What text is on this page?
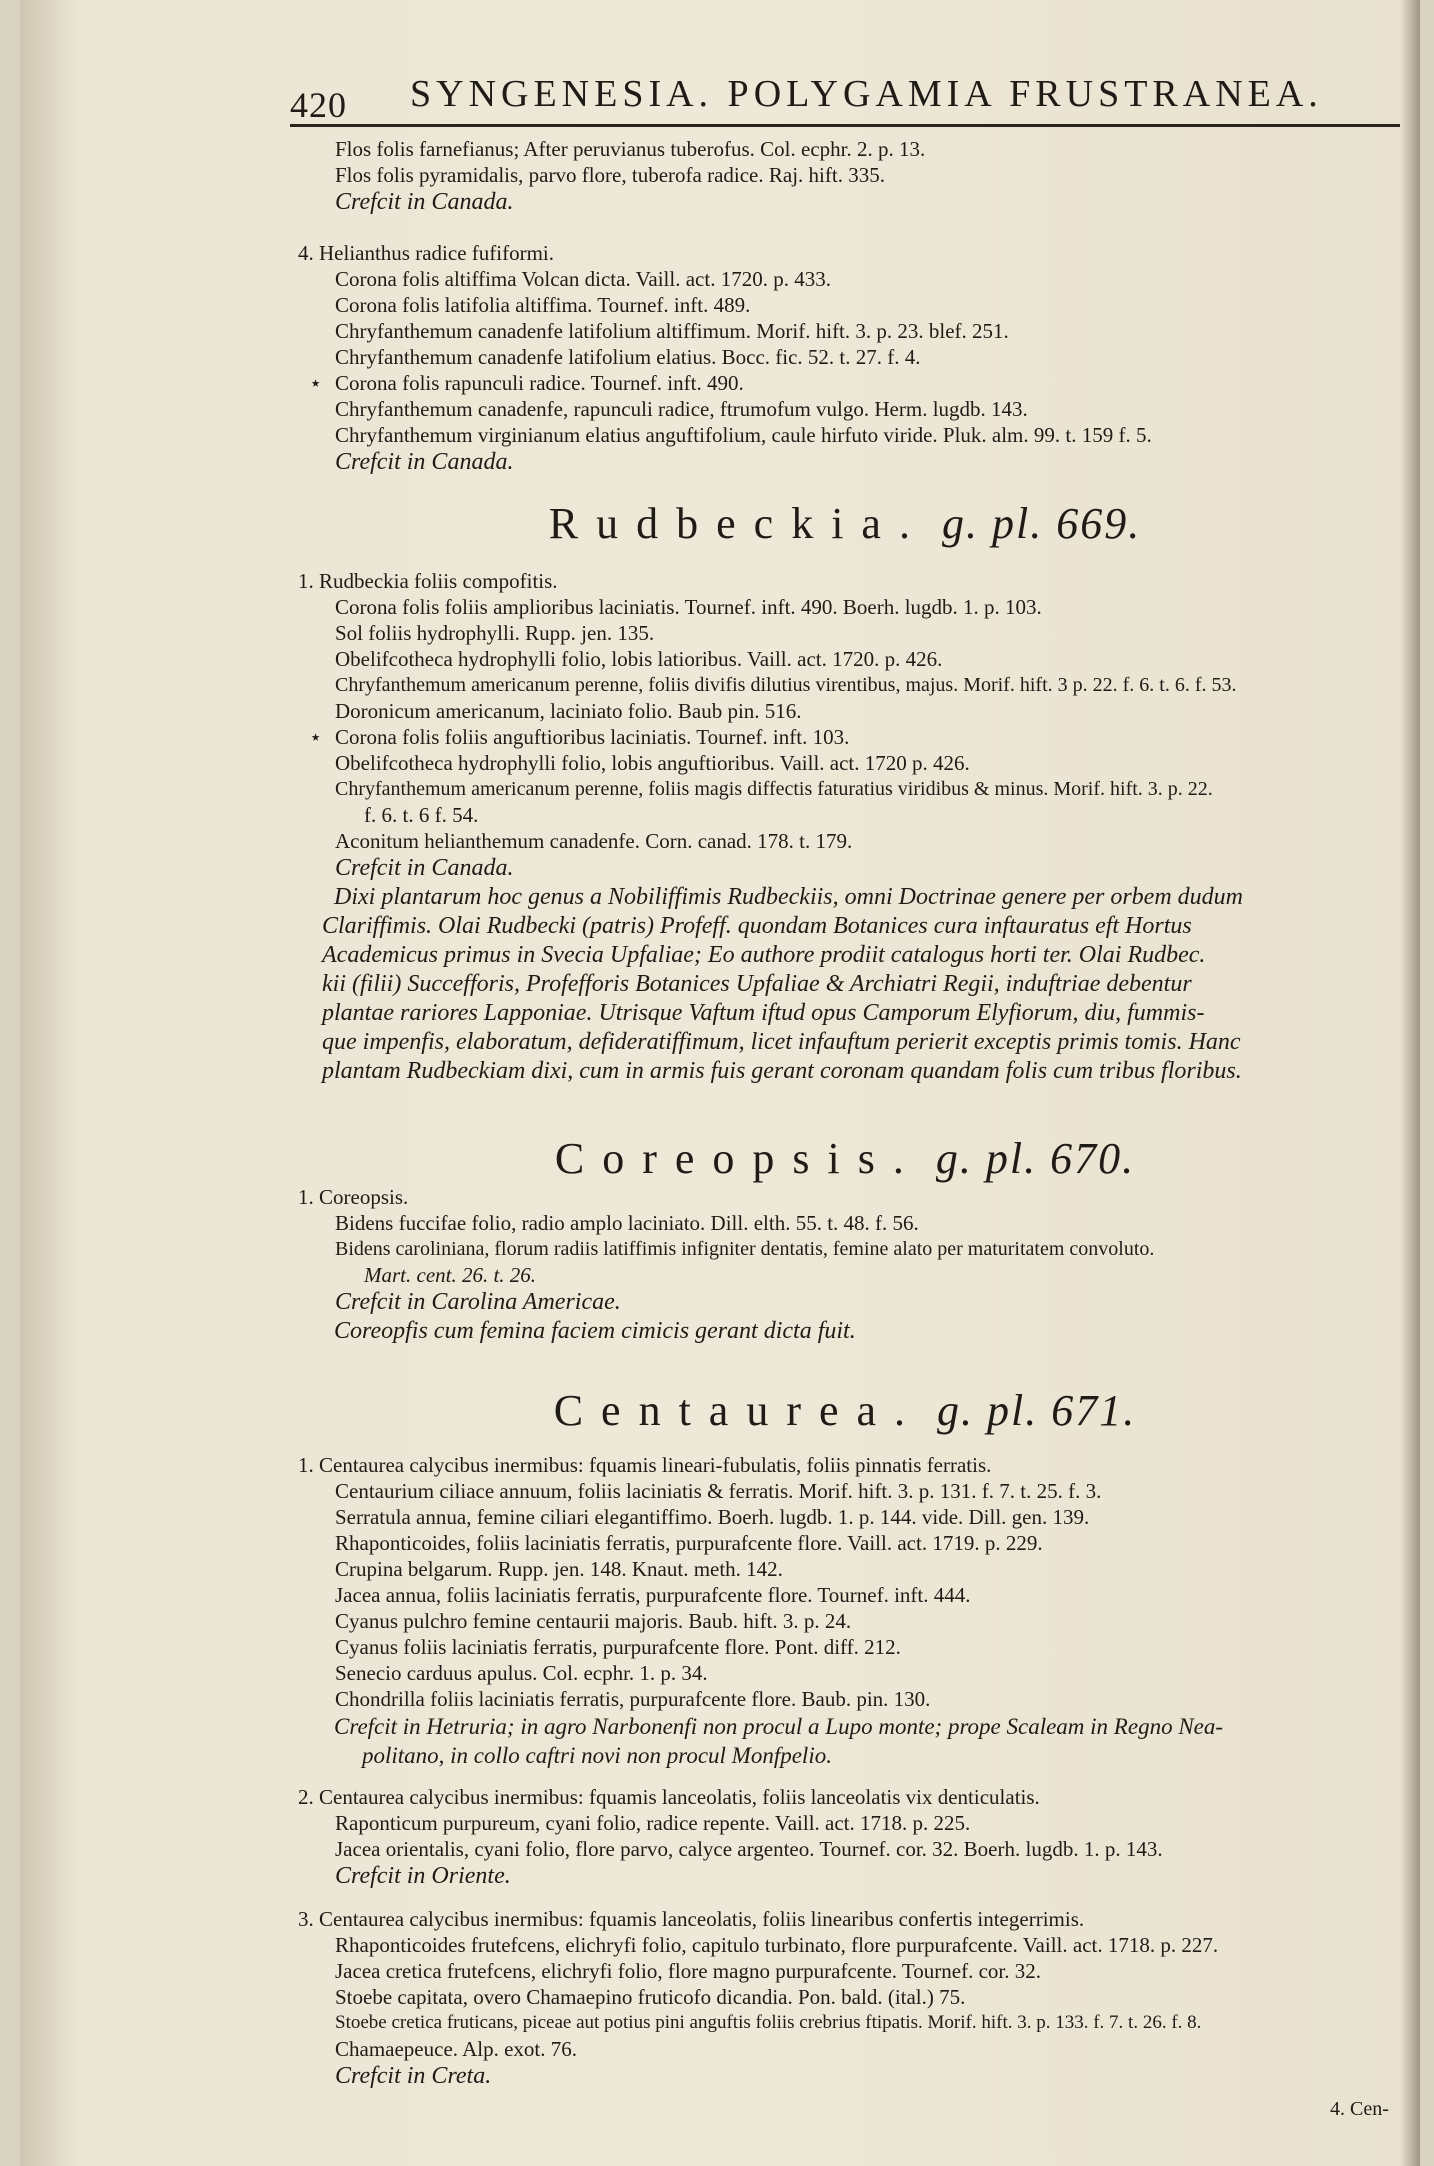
420 SYNGENESIA. POLYGAMIA FRUSTRANEA.
Flos folis farnefianus; After peruvianus tuberofus. Col. ecphr. 2. p. 13.
Flos folis pyramidalis, parvo flore, tuberofa radice. Raj. hift. 335.
Crefcit in Canada.
4. Helianthus radice fufiformi.
Corona folis altiffima Volcan dicta. Vaill. act. 1720. p. 433.
Corona folis latifolia altiffima. Tournef. inft. 489.
Chryfanthemum canadenfe latifolium altiffimum. Morif. hift. 3. p. 23. blef. 251.
Chryfanthemum canadenfe latifolium elatius. Bocc. fic. 52. t. 27. f. 4.
⋆ Corona folis rapunculi radice. Tournef. inft. 490.
Chryfanthemum canadenfe, rapunculi radice, ftrumofum vulgo. Herm. lugdb. 143.
Chryfanthemum virginianum elatius anguftifolium, caule hirfuto viride. Pluk. alm. 99. t. 159 f. 5.
Crefcit in Canada.
Rudbeckia. g. pl. 669.
1. Rudbeckia foliis compofitis.
Corona folis foliis amplioribus laciniatis. Tournef. inft. 490. Boerh. lugdb. 1. p. 103.
Sol foliis hydrophylli. Rupp. jen. 135.
Obelifcotheca hydrophylli folio, lobis latioribus. Vaill. act. 1720. p. 426.
Chryfanthemum americanum perenne, foliis divifis dilutius virentibus, majus. Morif. hift. 3 p. 22. f. 6. t. 6. f. 53.
Doronicum americanum, laciniato folio. Baub pin. 516.
⋆ Corona folis foliis anguftioribus laciniatis. Tournef. inft. 103.
Obelifcotheca hydrophylli folio, lobis anguftioribus. Vaill. act. 1720 p. 426.
Chryfanthemum americanum perenne, foliis magis diffectis faturatius viridibus & minus. Morif. hift. 3. p. 22.
f. 6. t. 6 f. 54.
Aconitum helianthemum canadenfe. Corn. canad. 178. t. 179.
Crefcit in Canada.
Dixi plantarum hoc genus a Nobiliffimis Rudbeckiis, omni Doctrinae genere per orbem dudum
Clariffimis. Olai Rudbecki (patris) Profeff. quondam Botanices cura inftauratus eft Hortus
Academicus primus in Svecia Upfaliae; Eo authore prodiit catalogus horti ter. Olai Rudbec.
kii (filii) Succefforis, Profefforis Botanices Upfaliae & Archiatri Regii, induftriae debentur
plantae rariores Lapponiae. Utrisque Vaftum iftud opus Camporum Elyfiorum, diu, fummis-
que impenfis, elaboratum, defideratiffimum, licet infauftum perierit exceptis primis tomis. Hanc
plantam Rudbeckiam dixi, cum in armis fuis gerant coronam quandam folis cum tribus floribus.
Coreopsis. g. pl. 670.
1. Coreopsis.
Bidens fuccifae folio, radio amplo laciniato. Dill. elth. 55. t. 48. f. 56.
Bidens caroliniana, florum radiis latiffimis infigniter dentatis, femine alato per maturitatem convoluto.
Mart. cent. 26. t. 26.
Crefcit in Carolina Americae.
Coreopfis cum femina faciem cimicis gerant dicta fuit.
Centaurea. g. pl. 671.
1. Centaurea calycibus inermibus: fquamis lineari-fubulatis, foliis pinnatis ferratis.
Centaurium ciliace annuum, foliis laciniatis & ferratis. Morif. hift. 3. p. 131. f. 7. t. 25. f. 3.
Serratula annua, femine ciliari elegantiffimo. Boerh. lugdb. 1. p. 144. vide. Dill. gen. 139.
Rhaponticoides, foliis laciniatis ferratis, purpurafcente flore. Vaill. act. 1719. p. 229.
Crupina belgarum. Rupp. jen. 148. Knaut. meth. 142.
Jacea annua, foliis laciniatis ferratis, purpurafcente flore. Tournef. inft. 444.
Cyanus pulchro femine centaurii majoris. Baub. hift. 3. p. 24.
Cyanus foliis laciniatis ferratis, purpurafcente flore. Pont. diff. 212.
Senecio carduus apulus. Col. ecphr. 1. p. 34.
Chondrilla foliis laciniatis ferratis, purpurafcente flore. Baub. pin. 130.
Crefcit in Hetruria; in agro Narbonenfi non procul a Lupo monte; prope Scaleam in Regno Nea-
politano, in collo caftri novi non procul Monfpelio.
2. Centaurea calycibus inermibus: fquamis lanceolatis, foliis lanceolatis vix denticulatis.
Raponticum purpureum, cyani folio, radice repente. Vaill. act. 1718. p. 225.
Jacea orientalis, cyani folio, flore parvo, calyce argenteo. Tournef. cor. 32. Boerh. lugdb. 1. p. 143.
Crefcit in Oriente.
3. Centaurea calycibus inermibus: fquamis lanceolatis, foliis linearibus confertis integerrimis.
Rhaponticoides frutefcens, elichryfi folio, capitulo turbinato, flore purpurafcente. Vaill. act. 1718. p. 227.
Jacea cretica frutefcens, elichryfi folio, flore magno purpurafcente. Tournef. cor. 32.
Stoebe capitata, overo Chamaepino fruticofo dicandia. Pon. bald. (ital.) 75.
Stoebe cretica fruticans, piceae aut potius pini anguftis foliis crebrius ftipatis. Morif. hift. 3. p. 133. f. 7. t. 26. f. 8.
Chamaepeuce. Alp. exot. 76.
Crefcit in Creta.
4. Cen-
